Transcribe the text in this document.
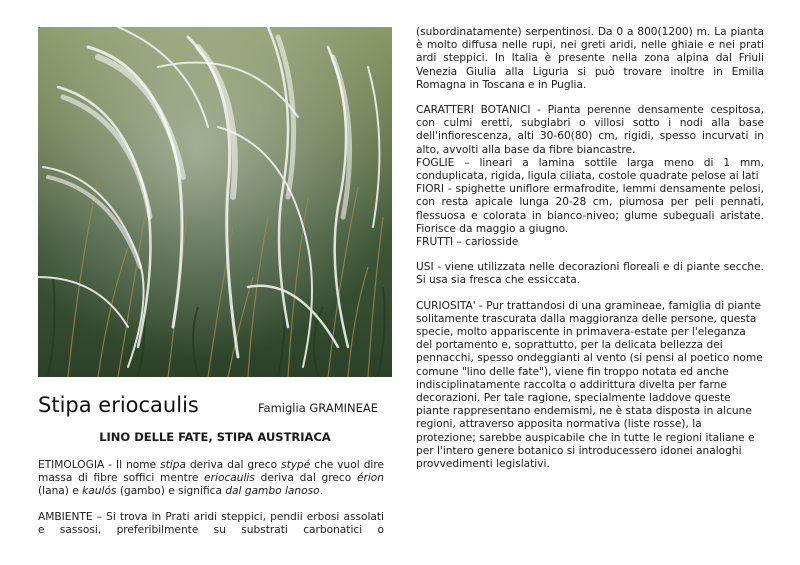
Stipa eriocaulis	Famiglia GRAMINEAE
LINO DELLE FATE, STIPA AUSTRIACA

ETIMOLOGIA - Il nome stipa deriva dal greco stypé che vuol dire massa di fibre soffici mentre eriocaulis deriva dal greco érion (lana) e kaulós (gambo) e significa dal gambo lanoso.

AMBIENTE – Si trova in Prati aridi steppici, pendii erbosi assolati e sassosi, preferibilmente su substrati carbonatici o

(subordinatamente) serpentinosi. Da 0 a 800(1200) m. La pianta è molto diffusa nelle rupi, nei greti aridi, nelle ghiaie e nei prati ardi steppici. In Italia è presente nella zona alpina dal Friuli Venezia Giulia alla Liguria si può trovare inoltre in Emilia Romagna in Toscana e in Puglia.

CARATTERI BOTANICI - Pianta perenne densamente cespitosa, con culmi eretti, subglabri o villosi sotto i nodi alla base dell'infiorescenza, alti 30-60(80) cm, rigidi, spesso incurvati in alto, avvolti alla base da fibre biancastre.

FOGLIE – lineari a lamina sottile larga meno di 1 mm, conduplicata, rigida, ligula ciliata, costole quadrate pelose ai lati

FIORI - spighette uniflore ermafrodite, lemmi densamente pelosi, con resta apicale lunga 20-28 cm, piumosa per peli pennati, flessuosa e colorata in bianco-niveo; glume subeguali aristate. Fiorisce da maggio a giugno.

FRUTTI – cariosside

USI - viene utilizzata nelle decorazioni floreali e di piante secche. Si usa sia fresca che essiccata.

CURIOSITA' - Pur trattandosi di una gramineae, famiglia di piante solitamente trascurata dalla maggioranza delle persone, questa specie, molto appariscente in primavera-estate per l'eleganza del portamento e, soprattutto, per la delicata bellezza dei pennacchi, spesso ondeggianti al vento (si pensi al poetico nome comune "lino delle fate"), viene fin troppo notata ed anche indisciplinatamente raccolta o addirittura divelta per farne decorazioni. Per tale ragione, specialmente laddove queste piante rappresentano endemismi, ne è stata disposta in alcune regioni, attraverso apposita normativa (liste rosse), la protezione; sarebbe auspicabile che in tutte le regioni italiane e per l'intero genere botanico si introducessero idonei analoghi provvedimenti legislativi.
